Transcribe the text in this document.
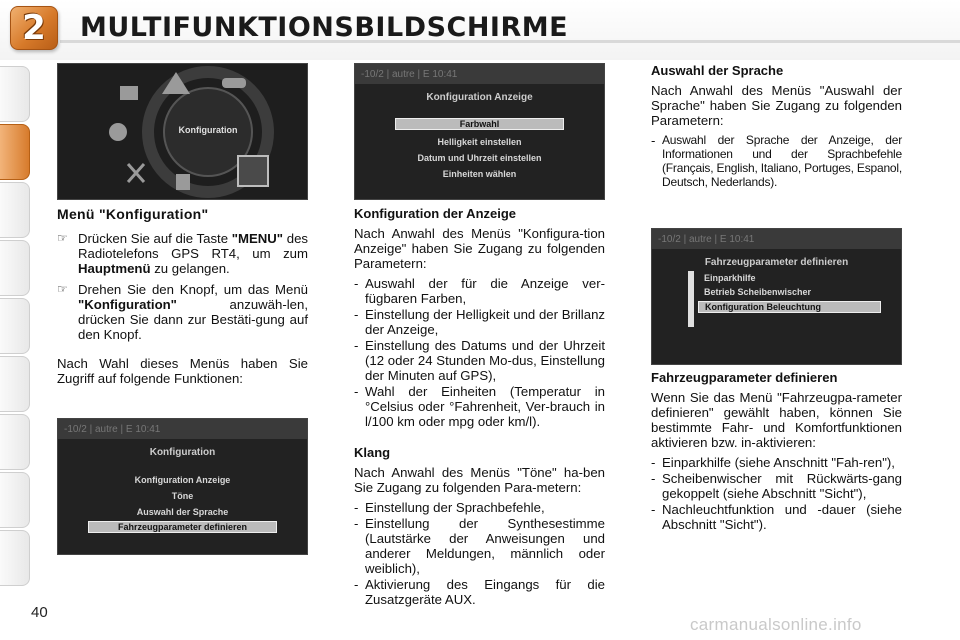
2 MULTIFUNKTIONSBILDSCHIRME
Konfiguration
-10/2 | autre | E 10:41
Konfiguration Anzeige
Farbwahl
Helligkeit einstellen
Datum und Uhrzeit einstellen
Einheiten wählen
-10/2 | autre | E 10:41
Konfiguration
Konfiguration Anzeige
Töne
Auswahl der Sprache
Fahrzeugparameter definieren
-10/2 | autre | E 10:41
Fahrzeugparameter definieren
Einparkhilfe
Betrieb Scheibenwischer
Konfiguration Beleuchtung
Menü "Konfiguration"
☞ Drücken Sie auf die Taste "MENU" des Radiotelefons GPS RT4, um zum Hauptmenü zu gelangen.
☞ Drehen Sie den Knopf, um das Menü "Konfiguration" anzuwäh-len, drücken Sie dann zur Bestäti-gung auf den Knopf.

Nach Wahl dieses Menüs haben Sie Zugriff auf folgende Funktionen:

Konfiguration der Anzeige

Nach Anwahl des Menüs "Konfigura-tion Anzeige" haben Sie Zugang zu folgenden Parametern:

- Auswahl der für die Anzeige ver-fügbaren Farben,
- Einstellung der Helligkeit und der Brillanz der Anzeige,
- Einstellung des Datums und der Uhrzeit (12 oder 24 Stunden Mo-dus, Einstellung der Minuten auf GPS),
- Wahl der Einheiten (Temperatur in °Celsius oder °Fahrenheit, Ver-brauch in l/100 km oder mpg oder km/l).
Klang

Nach Anwahl des Menüs "Töne" ha-ben Sie Zugang zu folgenden Para-metern:

- Einstellung der Sprachbefehle,
- Einstellung der Synthesestimme (Lautstärke der Anweisungen und anderer Meldungen, männlich oder weiblich),
- Aktivierung des Eingangs für die Zusatzgeräte AUX.
Auswahl der Sprache

Nach Anwahl des Menüs "Auswahl der Sprache" haben Sie Zugang zu folgenden Parametern:

- Auswahl der Sprache der Anzeige, der Informationen und der Sprachbefehle (Français, English, Italiano, Portuges, Espanol, Deutsch, Nederlands).
Fahrzeugparameter definieren

Wenn Sie das Menü "Fahrzeugpa-rameter definieren" gewählt haben, können Sie bestimmte Fahr- und Komfortfunktionen aktivieren bzw. in-aktivieren:

- Einparkhilfe (siehe Anschnitt "Fah-ren"),
- Scheibenwischer mit Rückwärts-gang gekoppelt (siehe Abschnitt "Sicht"),
- Nachleuchtfunktion und -dauer (siehe Abschnitt "Sicht").
40
carmanualsonline.info
